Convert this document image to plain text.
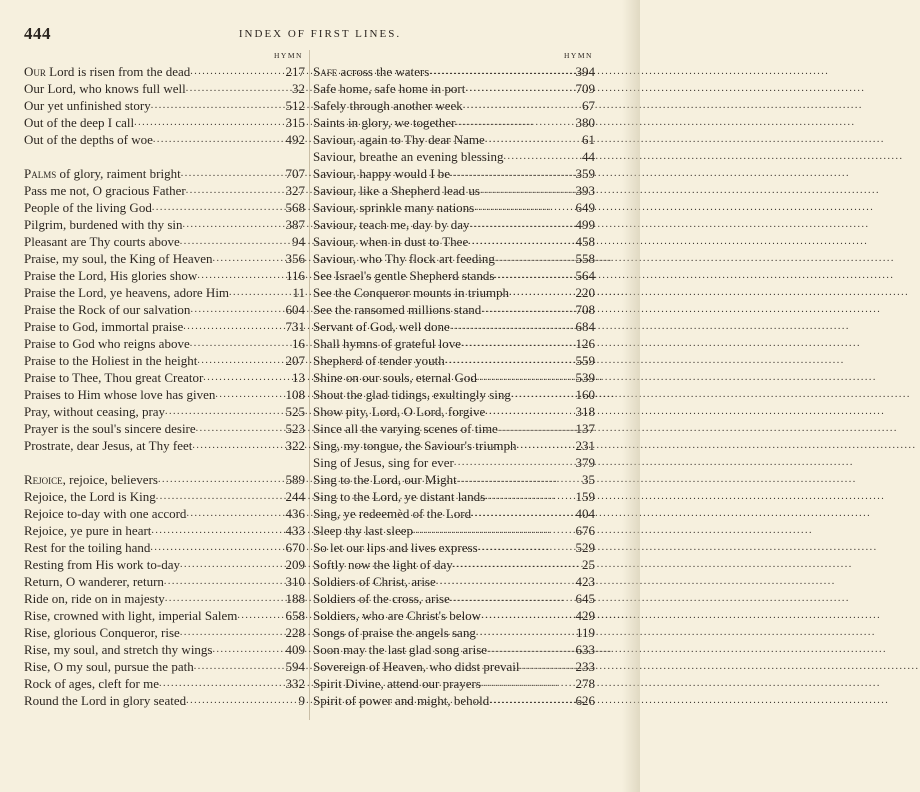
444	INDEX OF FIRST LINES.
HYMN	HYMN
Our Lord is risen from the dead .....	217
Our Lord, who knows full well .....	32
Our yet unfinished story .....	512
Out of the deep I call .....	315
Out of the depths of woe .....	492
Palms of glory, raiment bright .....	707
Pass me not, O gracious Father .....	327
People of the living God .....	568
Pilgrim, burdened with thy sin .....	387
Pleasant are Thy courts above .....	94
Praise, my soul, the King of Heaven .....	356
Praise the Lord, His glories show .....	116
Praise the Lord, ye heavens, adore Him .....	11
Praise the Rock of our salvation .....	604
Praise to God, immortal praise .....	731
Praise to God who reigns above .....	16
Praise to the Holiest in the height .....	207
Praise to Thee, Thou great Creator .....	13
Praises to Him whose love has given .....	108
Pray, without ceasing, pray .....	525
Prayer is the soul's sincere desire .....	523
Prostrate, dear Jesus, at Thy feet .....	322
Rejoice, rejoice, believers .....	589
Rejoice, the Lord is King .....	244
Rejoice to-day with one accord .....	436
Rejoice, ye pure in heart .....	433
Rest for the toiling hand .....	670
Resting from His work to-day .....	209
Return, O wanderer, return .....	310
Ride on, ride on in majesty .....	188
Rise, crowned with light, imperial Salem .....	658
Rise, glorious Conqueror, rise .....	228
Rise, my soul, and stretch thy wings .....	409
Rise, O my soul, pursue the path .....	594
Rock of ages, cleft for me .....	332
Round the Lord in glory seated .....	9
Safe across the waters .....	394
Safe home, safe home in port .....	709
Safely through another week .....	67
Saints in glory, we together .....	380
Saviour, again to Thy dear Name .....	61
Saviour, breathe an evening blessing .....	44
Saviour, happy would I be .....	359
Saviour, like a Shepherd lead us .....	393
Saviour, sprinkle many nations .....	649
Saviour, teach me, day by day .....	499
Saviour, when in dust to Thee .....	458
Saviour, who Thy flock art feeding .....	558
See Israel's gentle Shepherd stands .....	564
See the Conqueror mounts in triumph .....	220
See the ransomed millions stand .....	708
Servant of God, well done .....	684
Shall hymns of grateful love .....	126
Shepherd of tender youth .....	559
Shine on our souls, eternal God .....	539
Shout the glad tidings, exultingly sing .....	160
Show pity, Lord, O Lord, forgive .....	318
Since all the varying scenes of time .....	137
Sing, my tongue, the Saviour's triumph .....	231
Sing of Jesus, sing for ever .....	379
Sing to the Lord, our Might .....	35
Sing to the Lord, ye distant lands .....	159
Sing, ye redeemèd of the Lord .....	404
Sleep thy last sleep .....	676
So let our lips and lives express .....	529
Softly now the light of day .....	25
Soldiers of Christ, arise .....	423
Soldiers of the cross, arise .....	645
Soldiers, who are Christ's below .....	429
Songs of praise the angels sang .....	119
Soon may the last glad song arise .....	633
Sovereign of Heaven, who didst prevail .....	233
Spirit Divine, attend our prayers .....	278
Spirit of power and might, behold .....	626
